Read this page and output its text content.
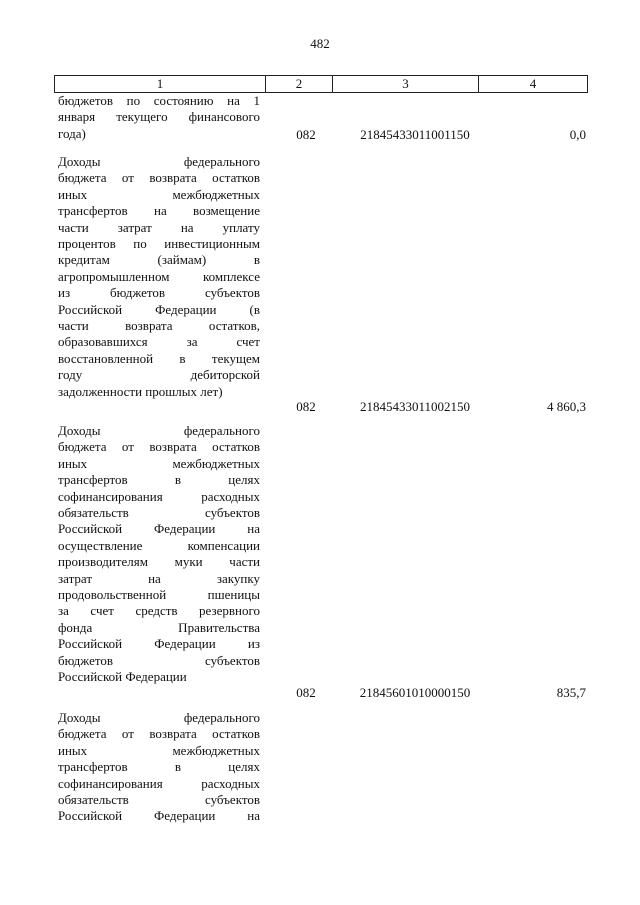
482
1	2	3	4
бюджетов по состоянию на 1
января текущего финансового
года)	082	21845433011001150	0,0
Доходы федерального
бюджета от возврата остатков
иных межбюджетных
трансфертов на возмещение
части затрат на уплату
процентов по инвестиционным
кредитам (займам) в
агропромышленном комплексе
из бюджетов субъектов
Российской Федерации (в
части возврата остатков,
образовавшихся за счет
восстановленной в текущем
году дебиторской
задолженности прошлых лет)
082	21845433011002150	4 860,3
Доходы федерального
бюджета от возврата остатков
иных межбюджетных
трансфертов в целях
софинансирования расходных
обязательств субъектов
Российской Федерации на
осуществление компенсации
производителям муки части
затрат на закупку
продовольственной пшеницы
за счет средств резервного
фонда Правительства
Российской Федерации из
бюджетов субъектов
Российской Федерации
082	21845601010000150	835,7
Доходы федерального
бюджета от возврата остатков
иных межбюджетных
трансфертов в целях
софинансирования расходных
обязательств субъектов
Российской Федерации на
